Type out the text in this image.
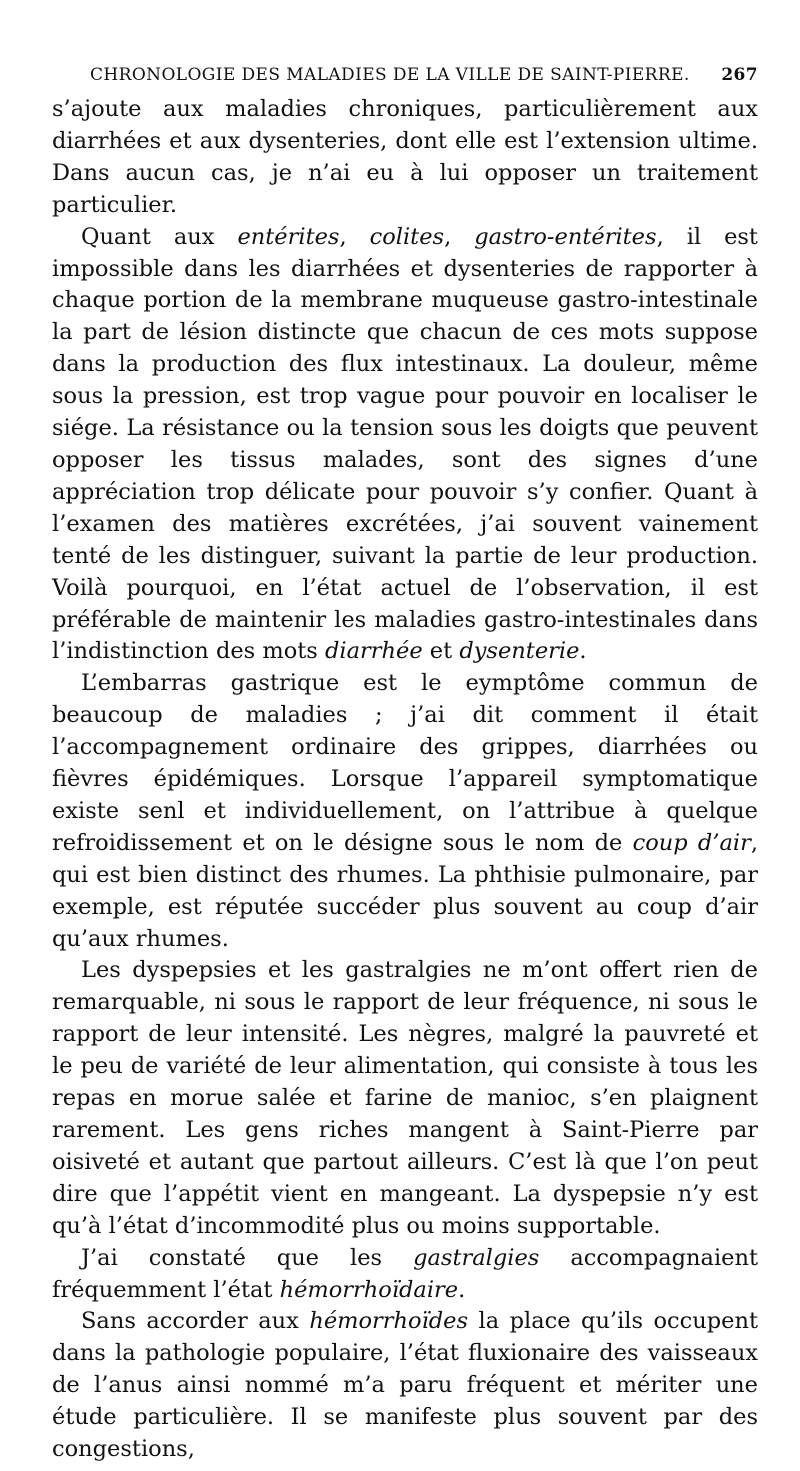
CHRONOLOGIE DES MALADIES DE LA VILLE DE SAINT-PIERRE. 267

s’ajoute aux maladies chroniques, particulièrement aux diarrhées et aux dysenteries, dont elle est l’extension ultime. Dans aucun cas, je n’ai eu à lui opposer un traitement particulier.

Quant aux entérites, colites, gastro-entérites, il est impossible dans les diarrhées et dysenteries de rapporter à chaque portion de la membrane muqueuse gastro-intestinale la part de lésion distincte que chacun de ces mots suppose dans la production des flux intestinaux. La douleur, même sous la pression, est trop vague pour pouvoir en localiser le siége. La résistance ou la tension sous les doigts que peuvent opposer les tissus malades, sont des signes d’une appréciation trop délicate pour pouvoir s’y confier. Quant à l’examen des matières excrétées, j’ai souvent vainement tenté de les distinguer, suivant la partie de leur production. Voilà pourquoi, en l’état actuel de l’observation, il est préférable de maintenir les maladies gastro-intestinales dans l’indistinction des mots diarrhée et dysenterie.

L’embarras gastrique est le eymptôme commun de beaucoup de maladies ; j’ai dit comment il était l’accompagnement ordinaire des grippes, diarrhées ou fièvres épidémiques. Lorsque l’appareil symptomatique existe senl et individuellement, on l’attribue à quelque refroidissement et on le désigne sous le nom de coup d’air, qui est bien distinct des rhumes. La phthisie pulmonaire, par exemple, est réputée succéder plus souvent au coup d’air qu’aux rhumes.

Les dyspepsies et les gastralgies ne m’ont offert rien de remarquable, ni sous le rapport de leur fréquence, ni sous le rapport de leur intensité. Les nègres, malgré la pauvreté et le peu de variété de leur alimentation, qui consiste à tous les repas en morue salée et farine de manioc, s’en plaignent rarement. Les gens riches mangent à Saint-Pierre par oisiveté et autant que partout ailleurs. C’est là que l’on peut dire que l’appétit vient en mangeant. La dyspepsie n’y est qu’à l’état d’incommodité plus ou moins supportable.

J’ai constaté que les gastralgies accompagnaient fréquemment l’état hémorrhoïdaire.

Sans accorder aux hémorrhoïdes la place qu’ils occupent dans la pathologie populaire, l’état fluxionaire des vaisseaux de l’anus ainsi nommé m’a paru fréquent et mériter une étude particulière. Il se manifeste plus souvent par des congestions,
